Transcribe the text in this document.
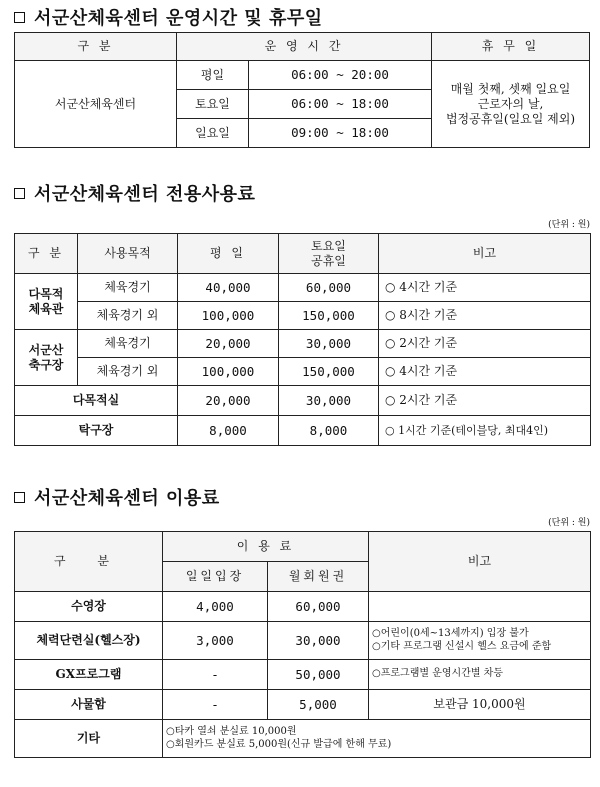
서군산체육센터 운영시간 및 휴무일
구 분	운 영 시 간		휴 무 일
서군산체육센터	평일	06:00 ~ 20:00	매월 첫째, 셋째 일요일
근로자의 날,
법정공휴일(일요일 제외)

	토요일	06:00 ~ 18:00	
	일요일	09:00 ~ 18:00	
서군산체육센터 전용사용료
(단위 : 원)
구 분	사용목적	평 일	토요일
공휴일	비고

다목적
체육관	체육경기	40,000	60,000	○ 4시간 기준
	체육경기 외	100,000	150,000	○ 8시간 기준

서군산
축구장	체육경기	20,000	30,000	○ 2시간 기준
	체육경기 외	100,000	150,000	○ 4시간 기준
다목적실		20,000	30,000	○ 2시간 기준
탁구장		8,000	8,000	○ 1시간 기준(테이블당, 최대4인)
서군산체육센터 이용료
(단위 : 원)
구 분	이 용 료		비고
	일일입장	월회원권	
수영장	4,000	60,000	
체력단련실(헬스장)	3,000	30,000	○어린이(0세~13세까지) 입장 불가
○기타 프로그램 신설시 헬스 요금에 준함

GX프로그램	-	50,000	○프로그램별 운영시간별 차등
사물함	-	5,000	보관금 10,000원
기타	○타카 열쇠 분실료 10,000원
○회원카드 분실료 5,000원(신규 발급에 한해 무료)		
